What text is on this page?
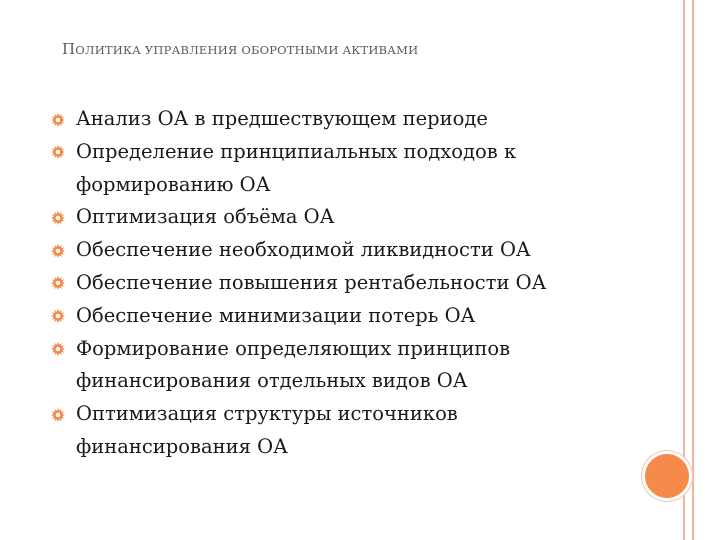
ПОЛИТИКА УПРАВЛЕНИЯ ОБОРОТНЫМИ АКТИВАМИ
Анализ ОА в предшествующем периоде
Определение принципиальных подходов к
формированию ОА
Оптимизация объёма ОА
Обеспечение необходимой ликвидности ОА
Обеспечение повышения рентабельности ОА
Обеспечение минимизации потерь ОА
Формирование определяющих принципов
финансирования отдельных видов ОА
Оптимизация структуры источников
финансирования ОА
